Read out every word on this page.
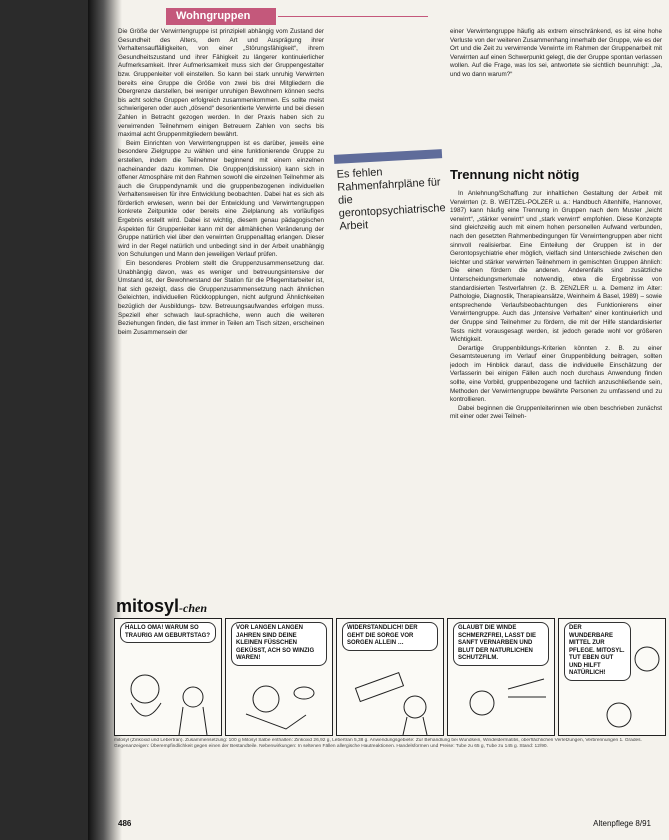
Wohngruppen

Die Größe der Verwirrtengruppe ist prinzipiell abhängig vom Zustand der Gesundheit des Alters, dem Art und Ausprägung ihrer Verhaltensauffälligkeiten, von einer „Störungsfähigkeit“, ihrem Gesundheitszustand und ihrer Fähigkeit zu längerer kontinuierlicher Aufmerksamkeit. Ihrer Aufmerksamkeit muss sich der Gruppengestalter bzw. Gruppenleiter voll einstellen. So kann bei stark unruhig Verwirrten bereits eine Gruppe die Größe von zwei bis drei Mitgliedern die Obergrenze darstellen, bei weniger unruhigen Bewohnern können sechs bis acht solche Gruppen erfolgreich zusammenkommen. Es sollte meist schwierigeren oder auch „dösend“ desorientierte Verwirrte und bei diesen Zahlen in Betracht gezogen werden. In der Praxis haben sich zu verwirrenden Teilnehmern einigen Betreuern Zahlen von sechs bis maximal acht Gruppenmitgliedern bewährt.

Beim Einrichten von Verwirrtengruppen ist es darüber, jeweils eine besondere Zielgruppe zu wählen und eine funktionierende Gruppe zu erstellen, indem die Teilnehmer beginnend mit einem einzelnen nacheinander dazu kommen. Die Gruppen(diskussion) kann sich in offener Atmosphäre mit den Rahmen sowohl die einzelnen Teilnehmer als auch die Gruppendynamik und die gruppenbezogenen individuellen Verhaltensweisen für ihre Entwicklung beobachten. Dabei hat es sich als förderlich erwiesen, wenn bei der Entwicklung und Verwirrtengruppen konkrete Zeitpunkte oder bereits eine Zielplanung als vorläufiges Ergebnis erstellt wird. Dabei ist wichtig, diesem genau pädagogischen Aspekten für Gruppenleiter kann mit der allmählichen Veränderung der Gruppe natürlich viel über den verwirrten Gruppenalltag erlangen. Dieser wird in der Regel natürlich und unbedingt sind in der Arbeit unabhängig von Schulungen und Mann den jeweiligen Verlauf prüfen.

Ein besonderes Problem stellt die Gruppenzusammensetzung dar. Unabhängig davon, was es weniger und betreuungsintensive der Umstand ist, der Bewohnerstand der Station für die Pflegemitarbeiter ist, hat sich gezeigt, dass die Gruppenzusammensetzung nach ähnlichen Geleichten, individuellen Rückkopplungen, nicht aufgrund Ähnlichkeiten bezüglich der Ausbildungs- bzw. Betreuungsaufwandes erfolgen muss. Speziell eher schwach laut-sprachliche, wenn auch die weiteren Beziehungen finden, die fast immer in Teilen am Tisch sitzen, erscheinen beim Zusammensein der

Es fehlen Rahmenfahrpläne für die gerontopsychiatrische Arbeit

einer Verwirrtengruppe häufig als extrem einschränkend, es ist eine hohe Verluste von der weiteren Zusammenhang innerhalb der Gruppe, wie es der Ort und die Zeit zu verwirrende Verwirrte im Rahmen der Gruppenarbeit mit Verwirrten auf einen Schwerpunkt gelegt, die der Gruppe spontan verlassen wollen. Auf die Frage, was los sei, antwortete sie sichtlich beunruhigt: „Ja, und wo dann warum?“

Trennung nicht nötig

In Anlehnung/Schaffung zur inhaltlichen Gestaltung der Arbeit mit Verwirrten (z. B. WEITZEL-POLZER u. a.: Handbuch Altenhilfe, Hannover, 1987) kann häufig eine Trennung in Gruppen nach dem Muster „leicht verwirrt“, „stärker verwirrt“ und „stark verwirrt“ empfohlen. Diese Konzepte sind gleichzeitig auch mit einem hohen personellen Aufwand verbunden, nach den gesetzten Rahmenbedingungen für Verwirrtengruppen aber nicht sinnvoll realisierbar. Eine Einteilung der Gruppen ist in der Gerontopsychiatrie eher möglich, vielfach sind Unterschiede zwischen den leichter und stärker verwirrten Teilnehmern in gemischten Gruppen ähnlich: Die einen fördern die anderen. Anderenfalls sind zusätzliche Unterscheidungsmerkmale notwendig, etwa die Ergebnisse von standardisierten Testverfahren (z. B. ZENZLER u. a. Demenz im Alter: Pathologie, Diagnostik, Therapieansätze, Weinheim & Basel, 1989) – sowie entsprechende Verlaufsbeobachtungen des Funktionierens einer Verwirrtengruppe. Auch das „Intensive Verhalten“ einer kontinuierlich und der Gruppe sind Teilnehmer zu fördern, die mit der Hilfe standardisierter Tests nicht vorausgesagt werden, ist jedoch gerade wohl vor größeren Wichtigkeit.

Derartige Gruppenbildungs-Kriterien könnten z. B. zu einer Gesamtsteuerung im Verlauf einer Gruppenbildung beitragen, sollten jedoch im Hinblick darauf, dass die individuelle Einschätzung der Verfasserin bei einigen Fällen auch noch durchaus Anwendung finden sollte, eine Vorbild, gruppenbezogene und fachlich anzuschließende sein, Methoden der Verwirrtengruppe bewährte Personen zu umfassend und zu kontrollieren.

Dabei beginnen die Gruppenleiterinnen wie oben beschrieben zunächst mit einer oder zwei Teilneh-

mitosyl-chen
HALLO OMA! WARUM SO TRAURIG AM GEBURTSTAG?
VOR LANGEN LANGEN JAHREN SIND DEINE KLEINEN FÜSSCHEN GEKÜSST, ACH SO WINZIG WAREN!
WIDERSTANDLICH! DER GEHT DIE SORGE VOR SORGEN ALLEIN …
GLAUBT DIE WINDE SCHMERZFREI, LASST DIE SANFT VERNARBEN UND BLUT DER NATURLICHEN SCHUTZFILM.
DER WUNDERBARE MITTEL ZUR PFLEGE. MITOSYL. TUT EBEN GUT UND HILFT NATÜRLICH!
mitosyl (Zinkoxid und Lebertran). Zusammensetzung: 100 g Mitosyl Salbe enthalten: Zinkoxid 26,92 g, Lebertran 5,38 g. Anwendungsgebiete: Zur Behandlung bei Wundsein, Windeldermatitis, oberflächlichen Verletzungen, Verbrennungen 1. Grades. Gegenanzeigen: Überempfindlichkeit gegen einen der Bestandteile. Nebenwirkungen: In seltenen Fällen allergische Hautreaktionen. Handelsformen und Preise: Tube zu 65 g, Tube zu 145 g. Stand: 12/90.
486	Altenpflege 8/91
